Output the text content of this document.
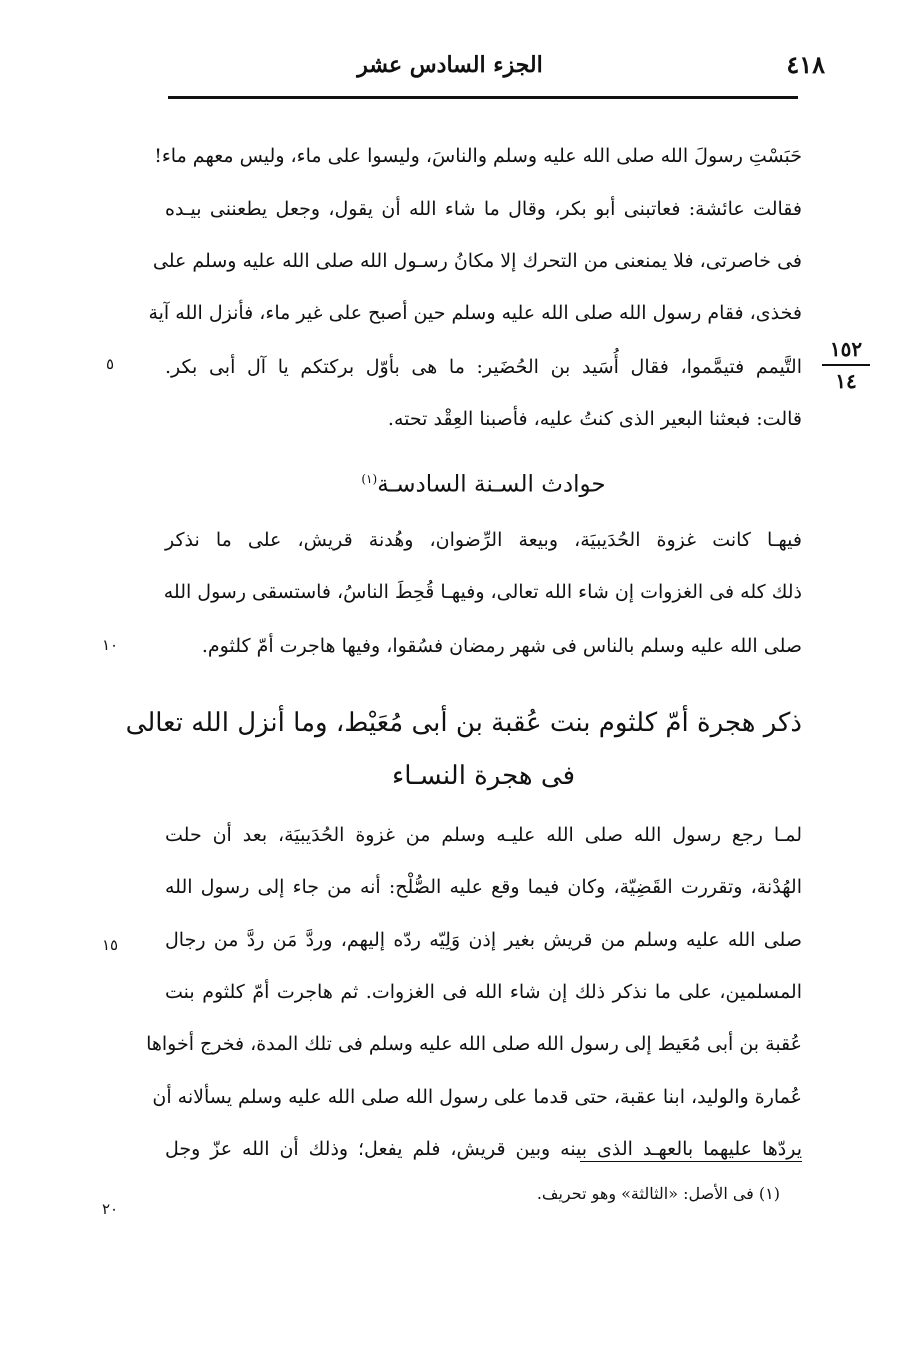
الجزء السادس عشر	٤١٨
حَبَسْتِ رسولَ الله صلى الله عليه وسلم والناسَ، وليسوا على ماء، وليس معهم ماء!
فقالت عائشة: فعاتبنى أبو بكر، وقال ما شاء الله أن يقول، وجعل يطعننى بيـده
فى خاصرتى، فلا يمنعنى من التحرك إلا مكانُ رسـول الله صلى الله عليه وسلم على
فخذى، فقام رسول الله صلى الله عليه وسلم حين أصبح على غير ماء، فأنزل الله آية
التَّيمم فتيمَّموا، فقال أُسَيد بن الحُضَير: ما هى بأوّل بركتكم يا آل أبى بكر.
قالت: فبعثنا البعير الذى كنتُ عليه، فأصبنا العِقْد تحته.
١٥٢
١٤
٥
١٠
١٥
٢٠
حوادث السـنة السادسـة$^{(١)}$
فيهـا كانت غزوة الحُدَيبيَة، وبيعة الرِّضوان، وهُدنة قريش، على ما نذكر
ذلك كله فى الغزوات إن شاء الله تعالى، وفيهـا قُحِطَ الناسُ، فاستسقى رسول الله
صلى الله عليه وسلم بالناس فى شهر رمضان فسُقوا، وفيها هاجرت أمّ كلثوم.
ذكر هجرة أمّ كلثوم بنت عُقبة بن أبى مُعَيْط، وما أنزل الله تعالى
فى هجرة النسـاء
لمـا رجع رسول الله صلى الله عليـه وسلم من غزوة الحُدَيبيَة، بعد أن حلت
الهُدْنة، وتقررت القَضِيّة، وكان فيما وقع عليه الصُّلْح: أنه من جاء إلى رسول الله
صلى الله عليه وسلم من قريش بغير إذن وَلِيّه ردّه إليهم، وردَّ مَن ردَّ من رجال
المسلمين، على ما نذكر ذلك إن شاء الله فى الغزوات. ثم هاجرت أمّ كلثوم بنت
عُقبة بن أبى مُعَيط إلى رسول الله صلى الله عليه وسلم فى تلك المدة، فخرج أخواها
عُمارة والوليد، ابنا عقبة، حتى قدما على رسول الله صلى الله عليه وسلم يسألانه أن
يردّها عليهما بالعهـد الذى بينه وبين قريش، فلم يفعل؛ وذلك أن الله عزّ وجل
(١) فى الأصل: «الثالثة» وهو تحريف.
